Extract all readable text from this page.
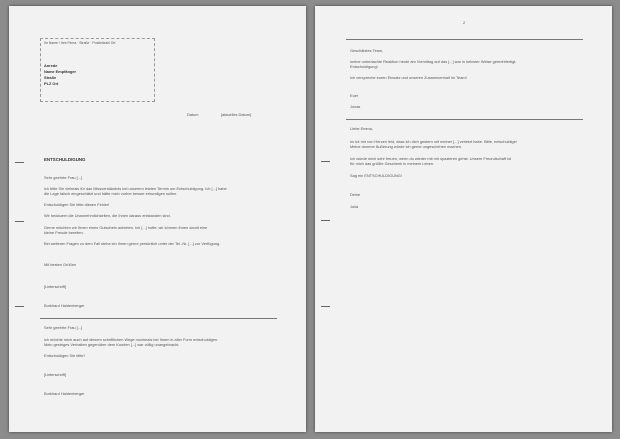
Ihr Name / Ihre Firma · Straße · Postleitzahl Ort
Anrede
Name Empfänger
Straße
PLZ Ort
Datum	[aktuelles Datum]
ENTSCHULDIGUNG
Sehr geehrte Frau [...]
ich bitte Sie vielmals für das Missverständnis bei unserem letzten Termin um Entschuldigung. Ich [...] habe
die Lage falsch eingeschätzt und hätte mich vorher besser erkundigen sollen.
Entschuldigen Sie bitte diesen Fehler!
Wir bedauern die Unannehmlichkeiten, die Ihnen daraus entstanden sind.
Gerne möchten wir Ihnen einen Gutschein anbieten. Ich [...] hoffe, wir können Ihnen damit eine
kleine Freude bereiten.
Bei weiteren Fragen zu dem Fall stehe ich Ihnen gerne persönlich unter der Tel.-Nr. [...] zur Verfügung.
Mit besten Grüßen
[Unterschrift]
Burkhard Haldenberger
Sehr geehrte Frau [...]
ich möchte mich auch auf diesem schriftlichen Wege nochmals bei Ihnen in aller Form entschuldigen.
Mein gestriges Verhalten gegenüber dem Kunden [...] war völlig unangebracht.
Entschuldigen Sie bitte!
[Unterschrift]
Burkhard Haldenberger
2
Geschätztes Team,
meine unbedachte Reaktion heute am Vormittag auf das [...] war in keinster Weise gerechtfertigt.
Entschuldigung!
Ich verspreche euren Einsatz und unseren Zusammenhalt im Team!
Euer
Jonas
Liebe Emma,
es tut mir von Herzen leid, dass ich dich gestern mit meiner [...] verletzt habe. Bitte, entschuldige!
Meine dumme Äußerung würde ich gerne ungeschehen machen.
Ich würde mich sehr freuen, wenn du wieder mit mir spazieren gehst. Unsere Freundschaft ist
für mich das größte Geschenk in meinem Leben.
Sag ein ENTSCHULDIGUNG!
Deine
Julia
